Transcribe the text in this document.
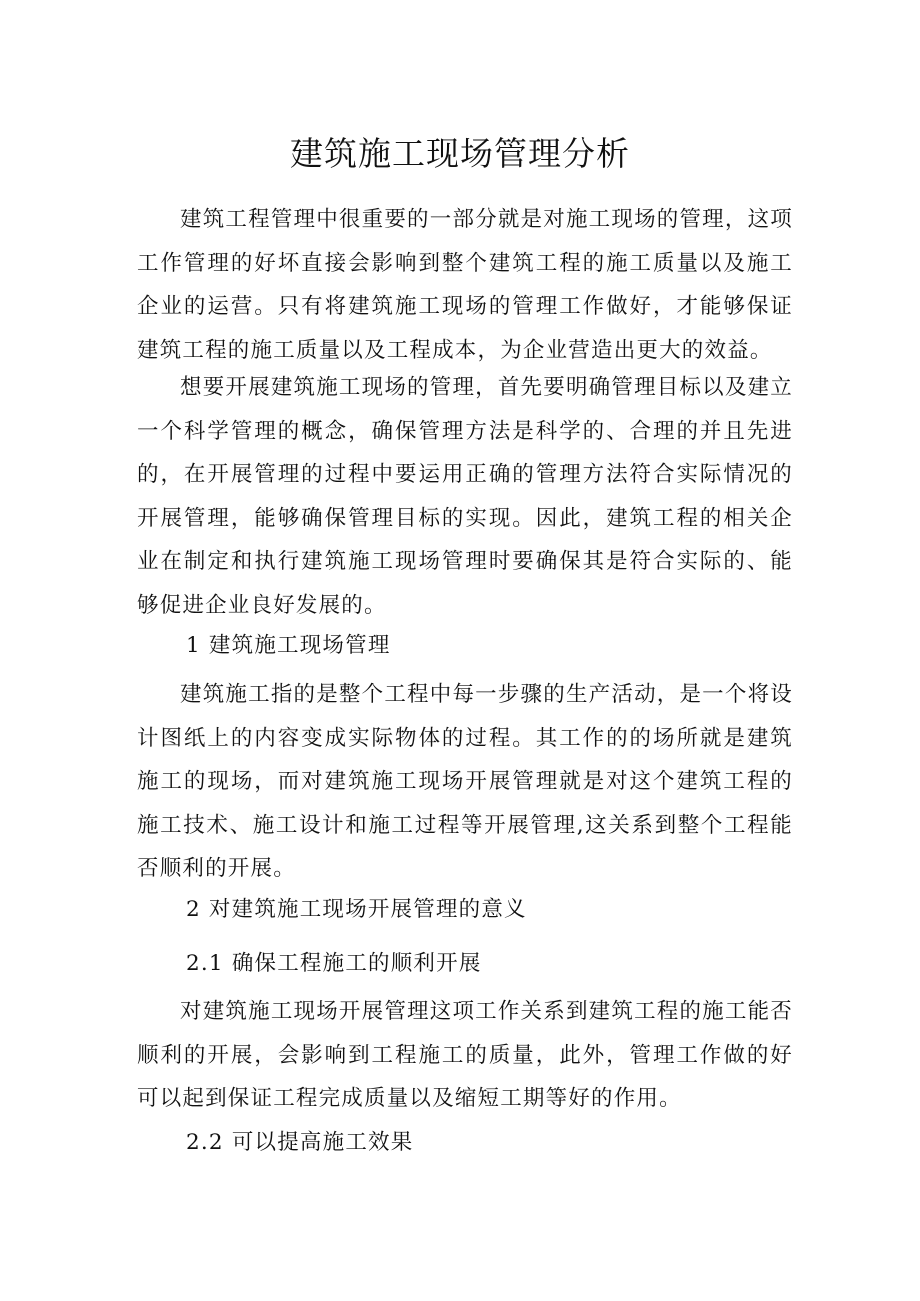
建筑施工现场管理分析

建筑工程管理中很重要的一部分就是对施工现场的管理，这项工作管理的好坏直接会影响到整个建筑工程的施工质量以及施工企业的运营。只有将建筑施工现场的管理工作做好，才能够保证建筑工程的施工质量以及工程成本，为企业营造出更大的效益。

想要开展建筑施工现场的管理，首先要明确管理目标以及建立一个科学管理的概念，确保管理方法是科学的、合理的并且先进的，在开展管理的过程中要运用正确的管理方法符合实际情况的开展管理，能够确保管理目标的实现。因此，建筑工程的相关企业在制定和执行建筑施工现场管理时要确保其是符合实际的、能够促进企业良好发展的。

1 建筑施工现场管理

建筑施工指的是整个工程中每一步骤的生产活动，是一个将设计图纸上的内容变成实际物体的过程。其工作的的场所就是建筑施工的现场，而对建筑施工现场开展管理就是对这个建筑工程的施工技术、施工设计和施工过程等开展管理,这关系到整个工程能否顺利的开展。

2 对建筑施工现场开展管理的意义
2.1 确保工程施工的顺利开展

对建筑施工现场开展管理这项工作关系到建筑工程的施工能否顺利的开展，会影响到工程施工的质量，此外，管理工作做的好可以起到保证工程完成质量以及缩短工期等好的作用。

2.2 可以提高施工效果
